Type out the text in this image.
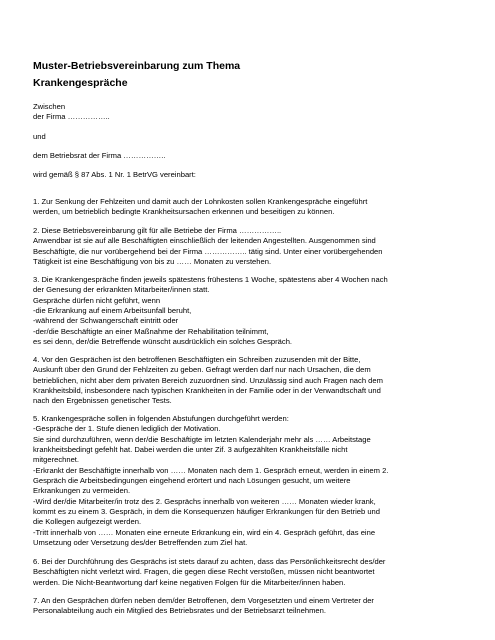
Muster-Betriebsvereinbarung zum Thema
Krankengespräche
Zwischen
der Firma ……………..
und
dem Betriebsrat der Firma ……………..
wird gemäß § 87 Abs. 1 Nr. 1 BetrVG vereinbart:
1. Zur Senkung der Fehlzeiten und damit auch der Lohnkosten sollen Krankengespräche eingeführt
werden, um betrieblich bedingte Krankheitsursachen erkennen und beseitigen zu können.
2. Diese Betriebsvereinbarung gilt für alle Betriebe der Firma ……………..
Anwendbar ist sie auf alle Beschäftigten einschließlich der leitenden Angestellten. Ausgenommen sind
Beschäftigte, die nur vorübergehend bei der Firma …………….. tätig sind. Unter einer vorübergehenden
Tätigkeit ist eine Beschäftigung von bis zu …… Monaten zu verstehen.
3. Die Krankengespräche finden jeweils spätestens frühestens 1 Woche, spätestens aber 4 Wochen nach
der Genesung der erkrankten Mitarbeiter/innen statt.
Gespräche dürfen nicht geführt, wenn
-die Erkrankung auf einem Arbeitsunfall beruht,
-während der Schwangerschaft eintritt oder
-der/die Beschäftigte an einer Maßnahme der Rehabilitation teilnimmt,
es sei denn, der/die Betreffende wünscht ausdrücklich ein solches Gespräch.
4. Vor den Gesprächen ist den betroffenen Beschäftigten ein Schreiben zuzusenden mit der Bitte,
Auskunft über den Grund der Fehlzeiten zu geben. Gefragt werden darf nur nach Ursachen, die dem
betrieblichen, nicht aber dem privaten Bereich zuzuordnen sind. Unzulässig sind auch Fragen nach dem
Krankheitsbild, insbesondere nach typischen Krankheiten in der Familie oder in der Verwandtschaft und
nach den Ergebnissen genetischer Tests.
5. Krankengespräche sollen in folgenden Abstufungen durchgeführt werden:
-Gespräche der 1. Stufe dienen lediglich der Motivation.
Sie sind durchzuführen, wenn der/die Beschäftigte im letzten Kalenderjahr mehr als …… Arbeitstage
krankheitsbedingt gefehlt hat. Dabei werden die unter Zif. 3 aufgezählten Krankheitsfälle nicht
mitgerechnet.
-Erkrankt der Beschäftigte innerhalb von …… Monaten nach dem 1. Gespräch erneut, werden in einem 2.
Gespräch die Arbeitsbedingungen eingehend erörtert und nach Lösungen gesucht, um weitere
Erkrankungen zu vermeiden.
-Wird der/die Mitarbeiter/in trotz des 2. Gesprächs innerhalb von weiteren …… Monaten wieder krank,
kommt es zu einem 3. Gespräch, in dem die Konsequenzen häufiger Erkrankungen für den Betrieb und
die Kollegen aufgezeigt werden.
-Tritt innerhalb von …… Monaten eine erneute Erkrankung ein, wird ein 4. Gespräch geführt, das eine
Umsetzung oder Versetzung des/der Betreffenden zum Ziel hat.
6. Bei der Durchführung des Gesprächs ist stets darauf zu achten, dass das Persönlichkeitsrecht des/der
Beschäftigten nicht verletzt wird. Fragen, die gegen diese Recht verstoßen, müssen nicht beantwortet
werden. Die Nicht-Beantwortung darf keine negativen Folgen für die Mitarbeiter/innen haben.
7. An den Gesprächen dürfen neben dem/der Betroffenen, dem Vorgesetzten und einem Vertreter der
Personalabteilung auch ein Mitglied des Betriebsrates und der Betriebsarzt teilnehmen.
